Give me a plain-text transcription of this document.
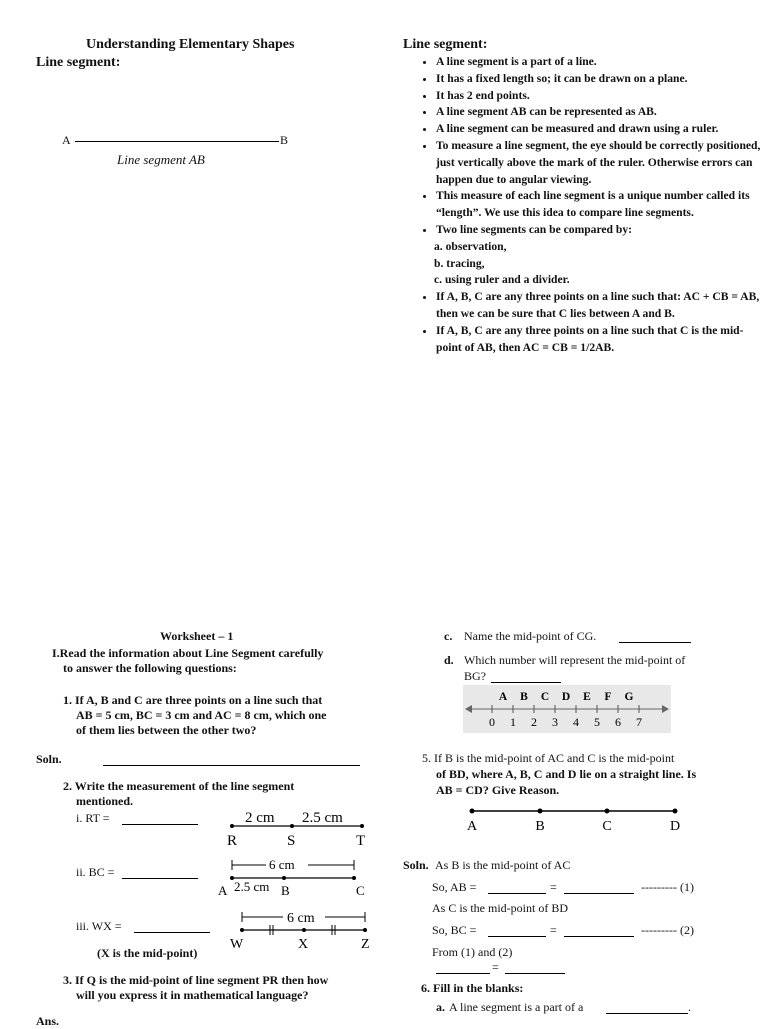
Understanding Elementary Shapes
Line segment:
A	B
Line segment AB
Line segment:
• A line segment is a part of a line.
• It has a fixed length so; it can be drawn on a plane.
• It has 2 end points.
• A line segment AB can be represented as AB.
• A line segment can be measured and drawn using a ruler.
• To measure a line segment, the eye should be correctly positioned, just vertically above the mark of the ruler. Otherwise errors can happen due to angular viewing.
• This measure of each line segment is a unique number called its “length”. We use this idea to compare line segments.
• Two line segments can be compared by:
a. observation,
b. tracing,
c. using ruler and a divider.
• If A, B, C are any three points on a line such that: AC + CB = AB, then we can be sure that C lies between A and B.
• If A, B, C are any three points on a line such that C is the mid-point of AB, then AC = CB = 1/2AB.
Worksheet – 1
I.Read the information about Line Segment carefully
to answer the following questions:
1. If A, B and C are three points on a line such that
AB = 5 cm, BC = 3 cm and AC = 8 cm, which one
of them lies between the other two?
Soln.
2. Write the measurement of the line segment
mentioned.
i. RT =
ii. BC =
iii. WX =
(X is the mid-point)
2 cm 2.5 cm
R	S	T
6 cm
2.5 cm
A	B	C
6 cm
W	X	Z
3. If Q is the mid-point of line segment PR then how
will you express it in mathematical language?
Ans.
c. Name the mid-point of CG.
d. Which number will represent the mid-point of
BG?
0 1 2 3 4 5 6 7
A B C D E F G
5. If B is the mid-point of AC and C is the mid-point
of BD, where A, B, C and D lie on a straight line. Is
AB = CD? Give Reason.
A	B	C	D
Soln. As B is the mid-point of AC
So, AB =	=	--------- (1)
As C is the mid-point of BD
So, BC =	=	--------- (2)
From (1) and (2)
=
6. Fill in the blanks:
a. A line segment is a part of a	.
